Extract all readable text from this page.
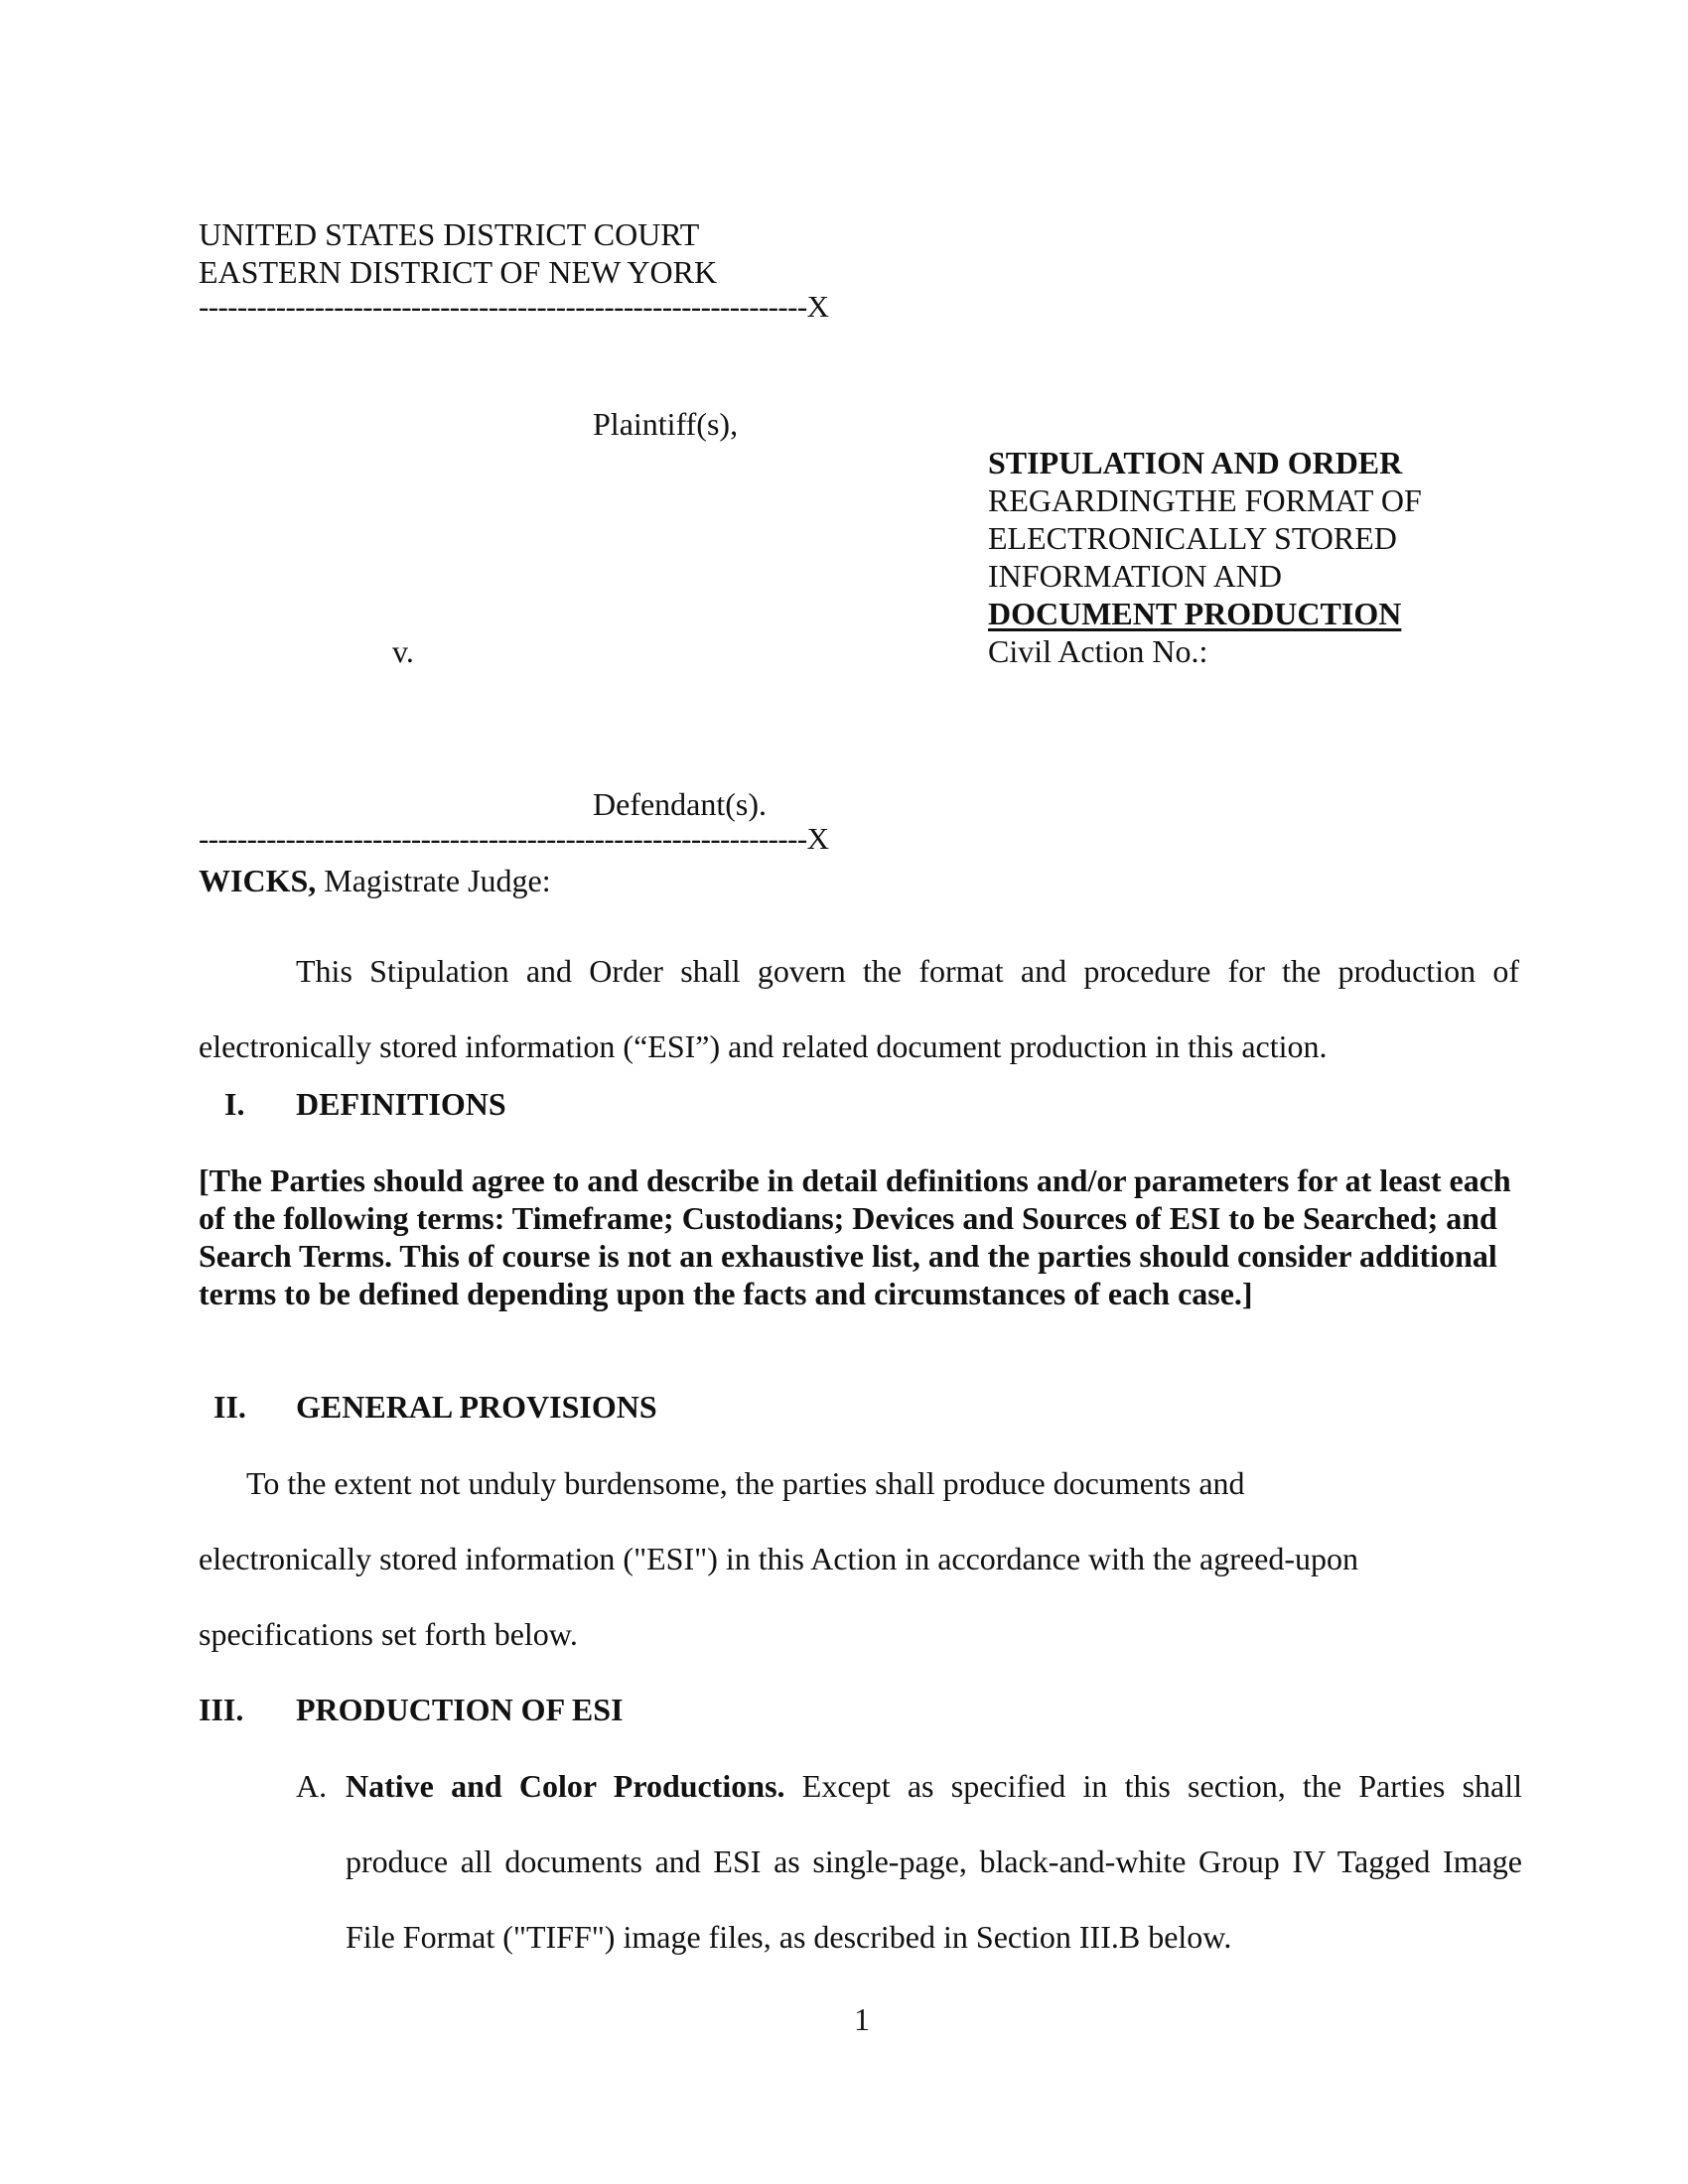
UNITED STATES DISTRICT COURT
EASTERN DISTRICT OF NEW YORK
---------------------------------------------------------------X
Plaintiff(s),
STIPULATION AND ORDER
REGARDINGTHE FORMAT OF
ELECTRONICALLY STORED
INFORMATION AND
DOCUMENT PRODUCTION
Civil Action No.:
v.
Defendant(s).
---------------------------------------------------------------X
WICKS, Magistrate Judge:
This Stipulation and Order shall govern the format and procedure for the production of electronically stored information (“ESI”) and related document production in this action.
I. DEFINITIONS
[The Parties should agree to and describe in detail definitions and/or parameters for at least each of the following terms: Timeframe; Custodians; Devices and Sources of ESI to be Searched; and Search Terms. This of course is not an exhaustive list, and the parties should consider additional terms to be defined depending upon the facts and circumstances of each case.]
II. GENERAL PROVISIONS
To the extent not unduly burdensome, the parties shall produce documents and electronically stored information ("ESI") in this Action in accordance with the agreed-upon specifications set forth below.
III. PRODUCTION OF ESI
A. Native and Color Productions. Except as specified in this section, the Parties shall produce all documents and ESI as single-page, black-and-white Group IV Tagged Image File Format ("TIFF") image files, as described in Section III.B below.
1
